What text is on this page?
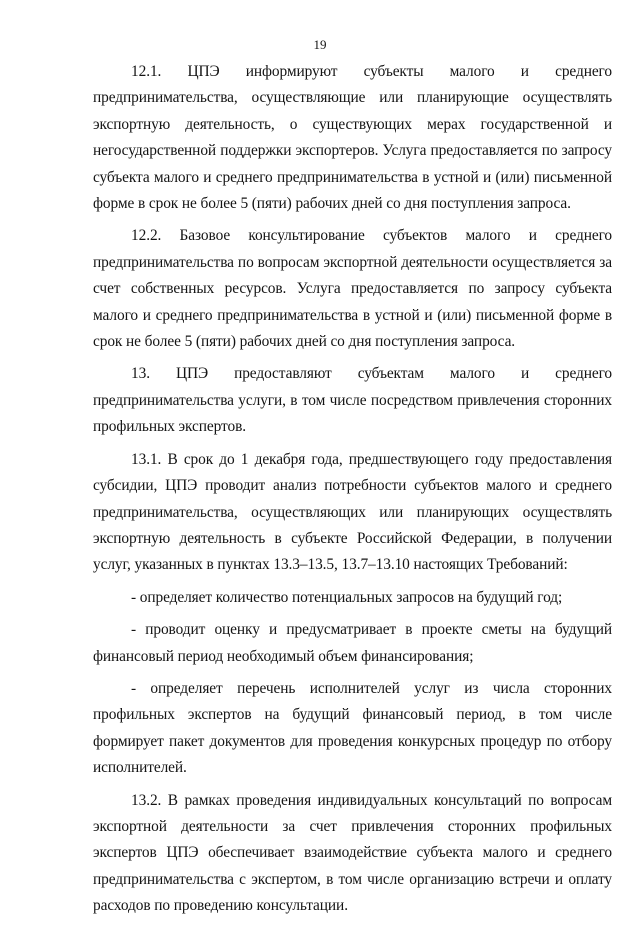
19

12.1. ЦПЭ информируют субъекты малого и среднего предпринимательства, осуществляющие или планирующие осуществлять экспортную деятельность, о существующих мерах государственной и негосударственной поддержки экспортеров. Услуга предоставляется по запросу субъекта малого и среднего предпринимательства в устной и (или) письменной форме в срок не более 5 (пяти) рабочих дней со дня поступления запроса.

12.2. Базовое консультирование субъектов малого и среднего предпринимательства по вопросам экспортной деятельности осуществляется за счет собственных ресурсов. Услуга предоставляется по запросу субъекта малого и среднего предпринимательства в устной и (или) письменной форме в срок не более 5 (пяти) рабочих дней со дня поступления запроса.

13. ЦПЭ предоставляют субъектам малого и среднего предпринимательства услуги, в том числе посредством привлечения сторонних профильных экспертов.

13.1. В срок до 1 декабря года, предшествующего году предоставления субсидии, ЦПЭ проводит анализ потребности субъектов малого и среднего предпринимательства, осуществляющих или планирующих осуществлять экспортную деятельность в субъекте Российской Федерации, в получении услуг, указанных в пунктах 13.3–13.5, 13.7–13.10 настоящих Требований:

- определяет количество потенциальных запросов на будущий год;

- проводит оценку и предусматривает в проекте сметы на будущий финансовый период необходимый объем финансирования;

- определяет перечень исполнителей услуг из числа сторонних профильных экспертов на будущий финансовый период, в том числе формирует пакет документов для проведения конкурсных процедур по отбору исполнителей.

13.2. В рамках проведения индивидуальных консультаций по вопросам экспортной деятельности за счет привлечения сторонних профильных экспертов ЦПЭ обеспечивает взаимодействие субъекта малого и среднего предпринимательства с экспертом, в том числе организацию встречи и оплату расходов по проведению консультации.
